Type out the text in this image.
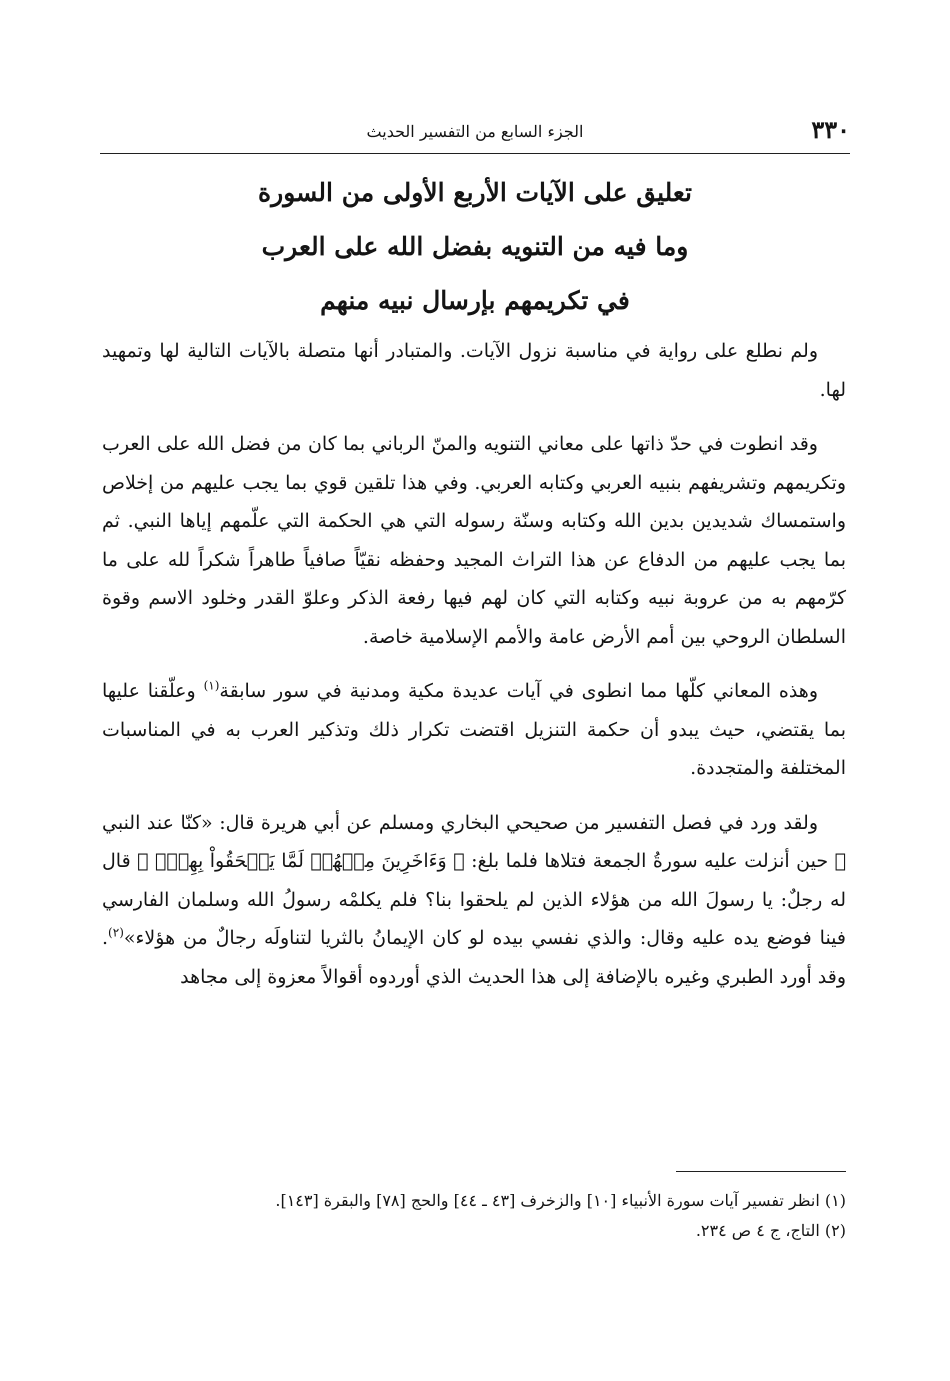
٣٣٠
الجزء السابع من التفسير الحديث
تعليق على الآيات الأربع الأولى من السورة
وما فيه من التنويه بفضل الله على العرب
في تكريمهم بإرسال نبيه منهم

ولم نطلع على رواية في مناسبة نزول الآيات. والمتبادر أنها متصلة بالآيات التالية لها وتمهيد لها.

وقد انطوت في حدّ ذاتها على معاني التنويه والمنّ الرباني بما كان من فضل الله على العرب وتكريمهم وتشريفهم بنبيه العربي وكتابه العربي. وفي هذا تلقين قوي بما يجب عليهم من إخلاص واستمساك شديدين بدين الله وكتابه وسنّة رسوله التي هي الحكمة التي علّمهم إياها النبي. ثم بما يجب عليهم من الدفاع عن هذا التراث المجيد وحفظه نقيّاً صافياً طاهراً شكراً لله على ما كرّمهم به من عروبة نبيه وكتابه التي كان لهم فيها رفعة الذكر وعلوّ القدر وخلود الاسم وقوة السلطان الروحي بين أمم الأرض عامة والأمم الإسلامية خاصة.

وهذه المعاني كلّها مما انطوى في آيات عديدة مكية ومدنية في سور سابقة$^{(١)}$ وعلّقنا عليها بما يقتضي، حيث يبدو أن حكمة التنزيل اقتضت تكرار ذلك وتذكير العرب به في المناسبات المختلفة والمتجددة.

ولقد ورد في فصل التفسير من صحيحي البخاري ومسلم عن أبي هريرة قال: «كنّا عند النبي ﷺ حين أنزلت عليه سورةُ الجمعة فتلاها فلما بلغ: ﴿ وَءَاخَرِينَ مِنۡهُمۡ لَمَّا يَلۡحَقُواْ بِهِمۡۚ ﴾ قال له رجلٌ: يا رسولَ الله من هؤلاء الذين لم يلحقوا بنا؟ فلم يكلمْه رسولُ الله وسلمان الفارسي فينا فوضع يده عليه وقال: والذي نفسي بيده لو كان الإيمانُ بالثريا لتناولَه رجالٌ من هؤلاء»$^{(٢)}$. وقد أورد الطبري وغيره بالإضافة إلى هذا الحديث الذي أوردوه أقوالاً معزوة إلى مجاهد

(١) انظر تفسير آيات سورة الأنبياء [١٠] والزخرف [٤٣ ـ ٤٤] والحج [٧٨] والبقرة [١٤٣].
(٢) التاج، ج ٤ ص ٢٣٤.
